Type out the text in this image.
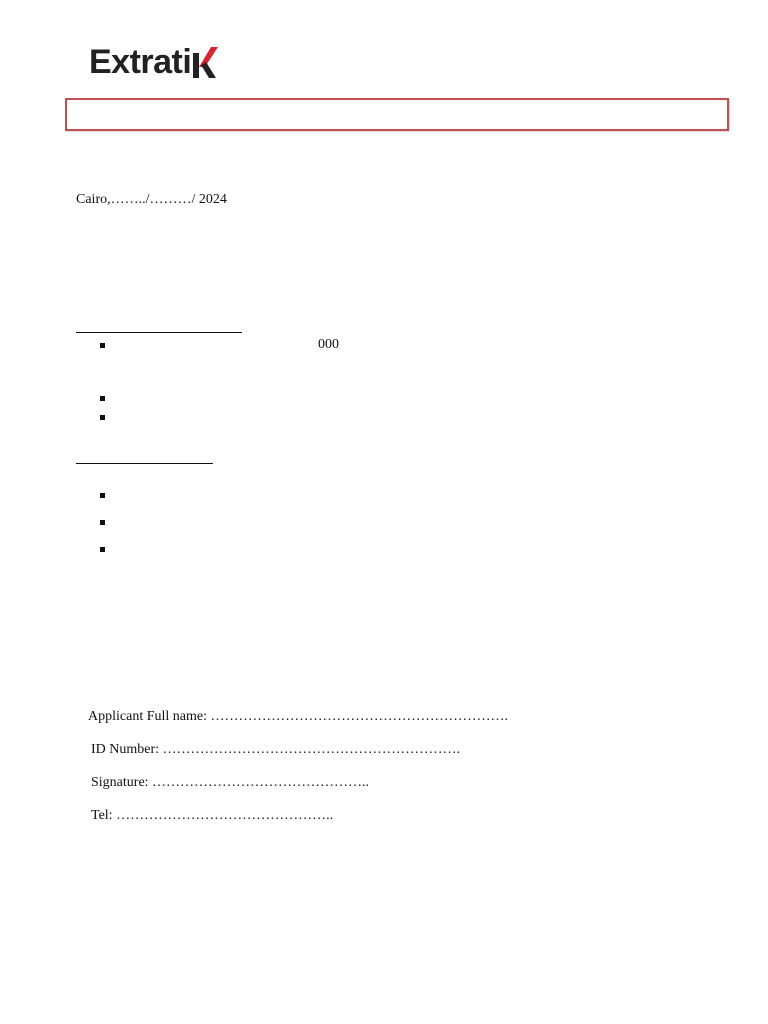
Extrati
Cairo,……../………/ 2024
000
Applicant Full name: ……………………………………………………….
ID Number: ……………………………………………………….
Signature: ………………………………………..
Tel: ………………………………………..
